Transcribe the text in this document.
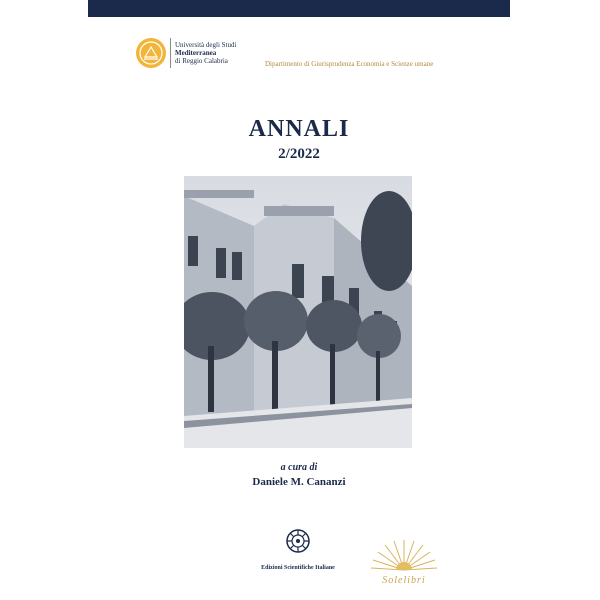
Università degli Studi
Mediterranea
di Reggio Calabria	Dipartimento di Giurisprudenza Economia e Scienze umane
ANNALI
2/2022
a cura di
Daniele M. Cananzi
Edizioni Scientifiche Italiane
Solelibri
